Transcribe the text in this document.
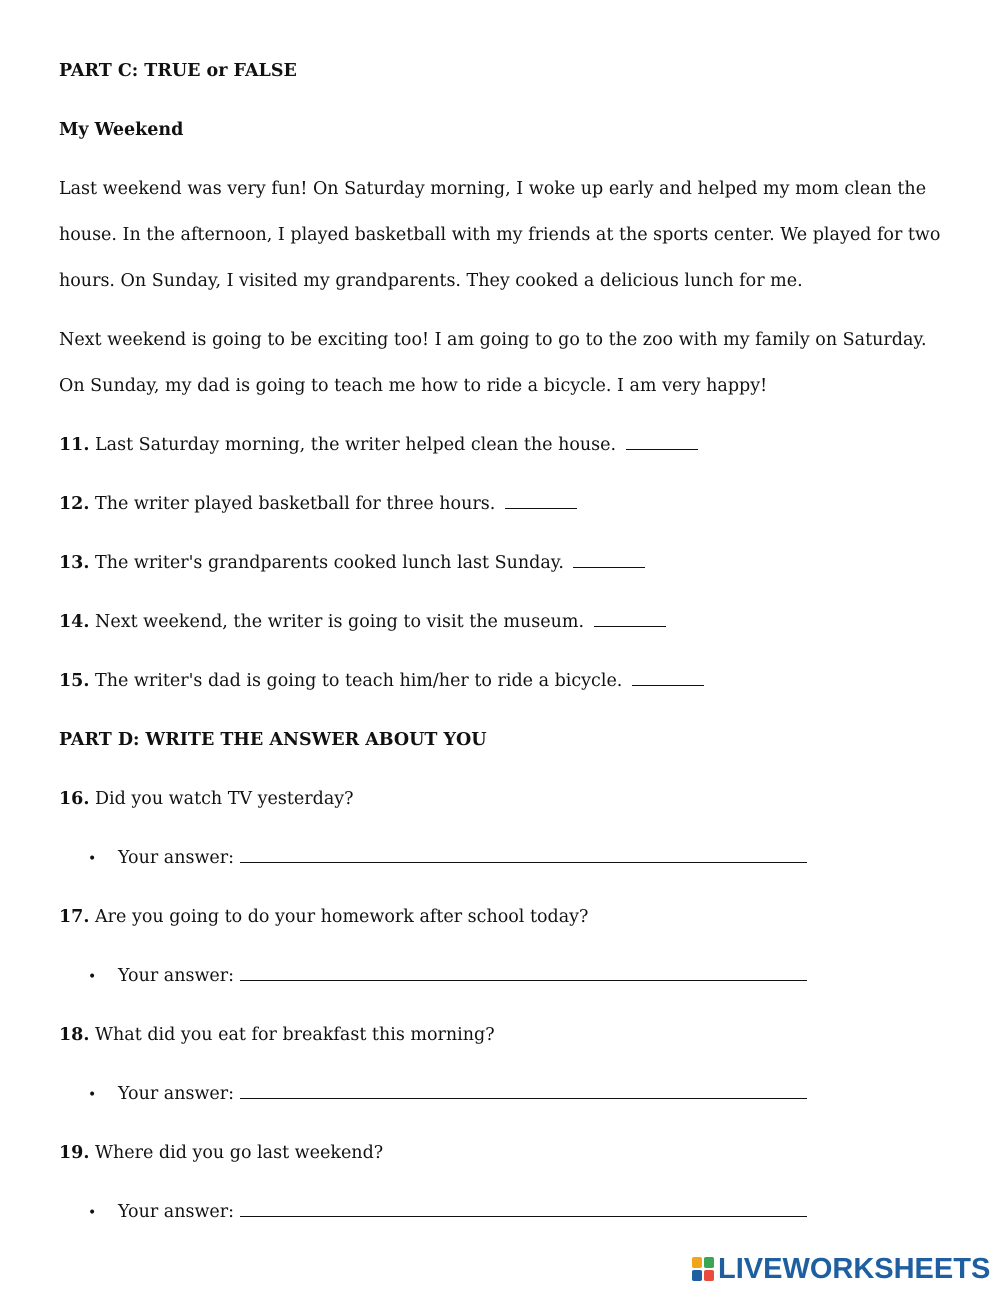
PART C: TRUE or FALSE
My Weekend
Last weekend was very fun! On Saturday morning, I woke up early and helped my mom clean the house. In the afternoon, I played basketball with my friends at the sports center. We played for two hours. On Sunday, I visited my grandparents. They cooked a delicious lunch for me.
Next weekend is going to be exciting too! I am going to go to the zoo with my family on Saturday. On Sunday, my dad is going to teach me how to ride a bicycle. I am very happy!
11. Last Saturday morning, the writer helped clean the house.
12. The writer played basketball for three hours.
13. The writer's grandparents cooked lunch last Sunday.
14. Next weekend, the writer is going to visit the museum.
15. The writer's dad is going to teach him/her to ride a bicycle.
PART D: WRITE THE ANSWER ABOUT YOU
16. Did you watch TV yesterday?
• Your answer:
17. Are you going to do your homework after school today?
• Your answer:
18. What did you eat for breakfast this morning?
• Your answer:
19. Where did you go last weekend?
• Your answer:
LIVEWORKSHEETS
